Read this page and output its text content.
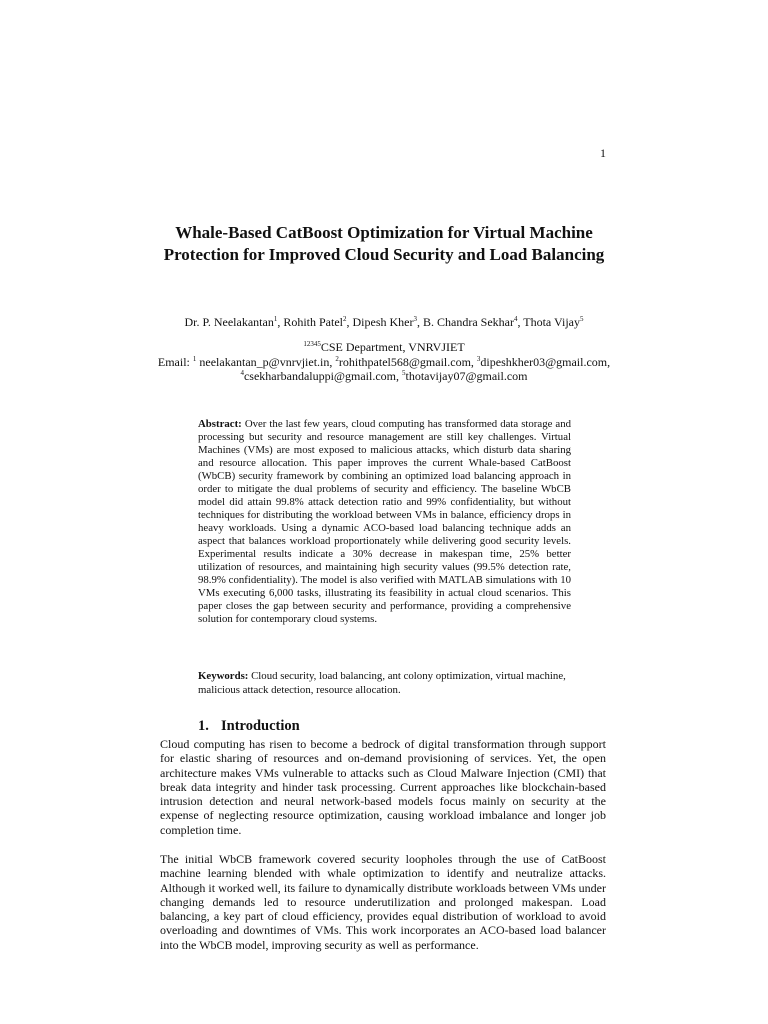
1
Whale-Based CatBoost Optimization for Virtual Machine Protection for Improved Cloud Security and Load Balancing
Dr. P. Neelakantan$^1$, Rohith Patel$^2$, Dipesh Kher$^3$, B. Chandra Sekhar$^4$, Thota Vijay$^5$
$^{12345}$CSE Department, VNRVJIET
Email: $^1$ neelakantan_p@vnrvjiet.in, $^2$rohithpatel568@gmail.com, $^3$dipeshkher03@gmail.com,
$^4$csekharbandaluppi@gmail.com, $^5$thotavijay07@gmail.com

Abstract: Over the last few years, cloud computing has transformed data storage and processing but security and resource management are still key challenges. Virtual Machines (VMs) are most exposed to malicious attacks, which disturb data sharing and resource allocation. This paper improves the current Whale-based CatBoost (WbCB) security framework by combining an optimized load balancing approach in order to mitigate the dual problems of security and efficiency. The baseline WbCB model did attain 99.8% attack detection ratio and 99% confidentiality, but without techniques for distributing the workload between VMs in balance, efficiency drops in heavy workloads. Using a dynamic ACO-based load balancing technique adds an aspect that balances workload proportionately while delivering good security levels. Experimental results indicate a 30% decrease in makespan time, 25% better utilization of resources, and maintaining high security values (99.5% detection rate, 98.9% confidentiality). The model is also verified with MATLAB simulations with 10 VMs executing 6,000 tasks, illustrating its feasibility in actual cloud scenarios. This paper closes the gap between security and performance, providing a comprehensive solution for contemporary cloud systems.

Keywords: Cloud security, load balancing, ant colony optimization, virtual machine, malicious attack detection, resource allocation.

1. Introduction

Cloud computing has risen to become a bedrock of digital transformation through support for elastic sharing of resources and on-demand provisioning of services. Yet, the open architecture makes VMs vulnerable to attacks such as Cloud Malware Injection (CMI) that break data integrity and hinder task processing. Current approaches like blockchain-based intrusion detection and neural network-based models focus mainly on security at the expense of neglecting resource optimization, causing workload imbalance and longer job completion time.

The initial WbCB framework covered security loopholes through the use of CatBoost machine learning blended with whale optimization to identify and neutralize attacks. Although it worked well, its failure to dynamically distribute workloads between VMs under changing demands led to resource underutilization and prolonged makespan. Load balancing, a key part of cloud efficiency, provides equal distribution of workload to avoid overloading and downtimes of VMs. This work incorporates an ACO-based load balancer into the WbCB model, improving security as well as performance.
